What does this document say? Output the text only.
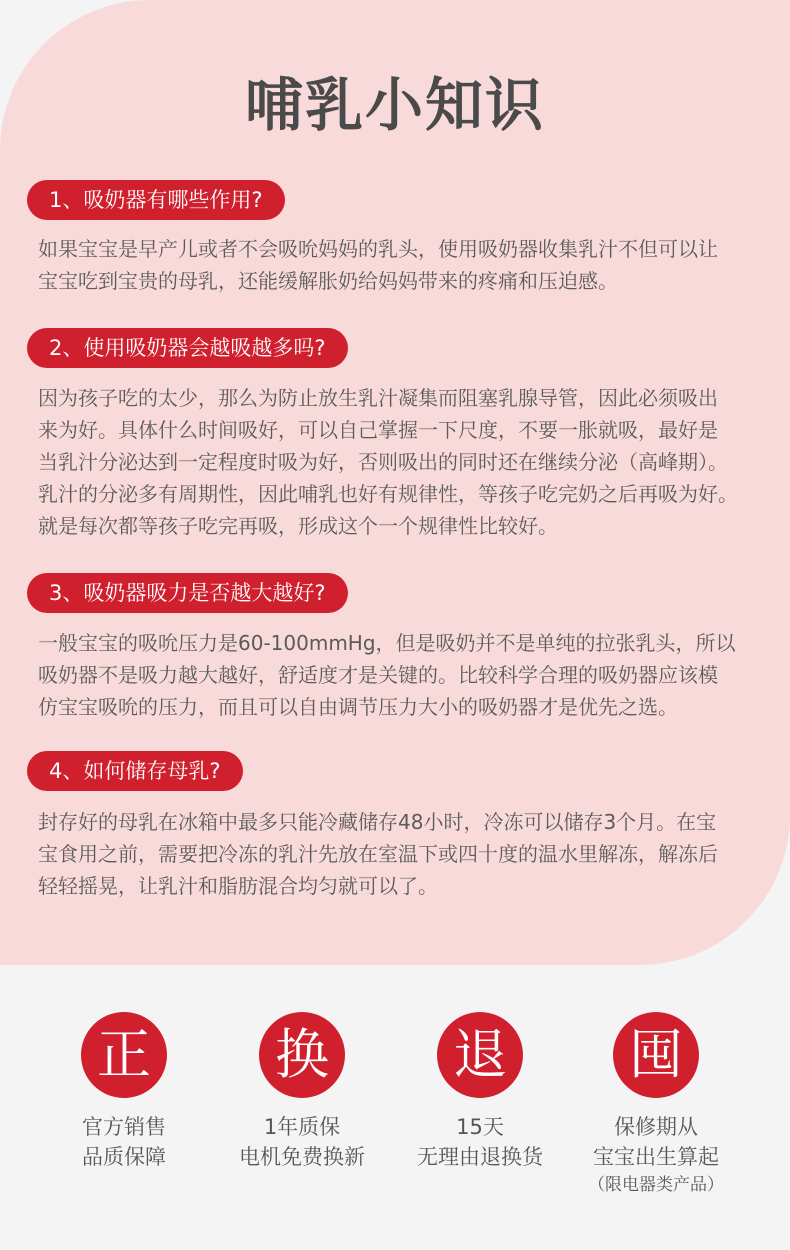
哺乳小知识
1、吸奶器有哪些作用?

如果宝宝是早产儿或者不会吸吮妈妈的乳头，使用吸奶器收集乳汁不但可以让
宝宝吃到宝贵的母乳，还能缓解胀奶给妈妈带来的疼痛和压迫感。

2、使用吸奶器会越吸越多吗?

因为孩子吃的太少，那么为防止放生乳汁凝集而阻塞乳腺导管，因此必须吸出
来为好。具体什么时间吸好，可以自己掌握一下尺度，不要一胀就吸，最好是
当乳汁分泌达到一定程度时吸为好，否则吸出的同时还在继续分泌（高峰期）。
乳汁的分泌多有周期性，因此哺乳也好有规律性，等孩子吃完奶之后再吸为好。
就是每次都等孩子吃完再吸，形成这个一个规律性比较好。

3、吸奶器吸力是否越大越好?

一般宝宝的吸吮压力是60-100mmHg，但是吸奶并不是单纯的拉张乳头，所以
吸奶器不是吸力越大越好，舒适度才是关键的。比较科学合理的吸奶器应该模
仿宝宝吸吮的压力，而且可以自由调节压力大小的吸奶器才是优先之选。

4、如何储存母乳?

封存好的母乳在冰箱中最多只能冷藏储存48小时，冷冻可以储存3个月。在宝
宝食用之前，需要把冷冻的乳汁先放在室温下或四十度的温水里解冻，解冻后
轻轻摇晃，让乳汁和脂肪混合均匀就可以了。

正
官方销售
品质保障
换
1年质保
电机免费换新
退
15天
无理由退换货
囤
保修期从
宝宝出生算起
（限电器类产品）
